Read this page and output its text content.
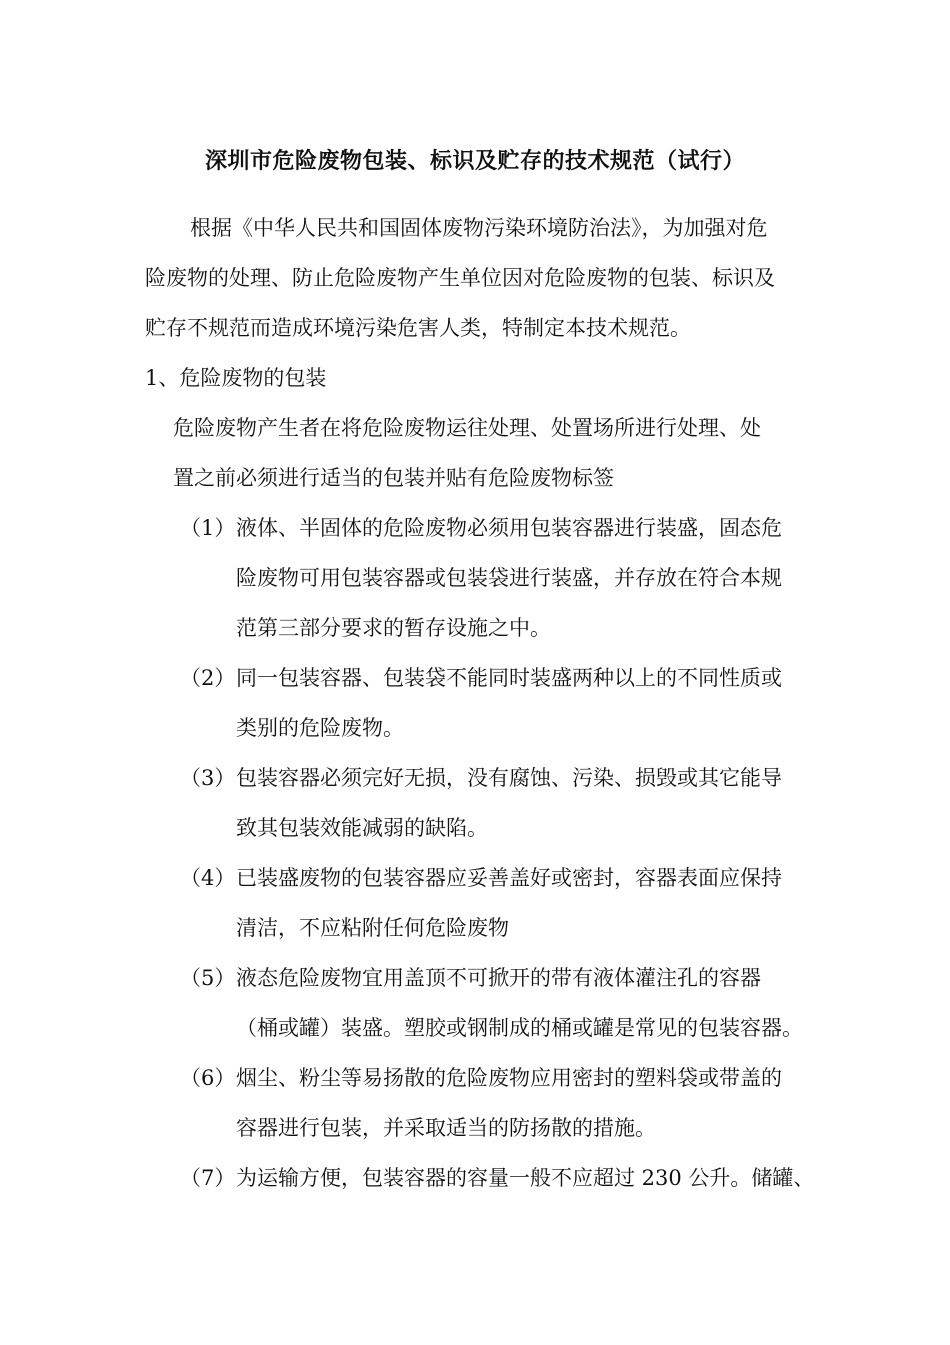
深圳市危险废物包装、标识及贮存的技术规范（试行）
根据《中华人民共和国固体废物污染环境防治法》，为加强对危
险废物的处理、防止危险废物产生单位因对危险废物的包装、标识及
贮存不规范而造成环境污染危害人类，特制定本技术规范。
1、危险废物的包装
危险废物产生者在将危险废物运往处理、处置场所进行处理、处
置之前必须进行适当的包装并贴有危险废物标签
（1） 液体、半固体的危险废物必须用包装容器进行装盛，固态危
险废物可用包装容器或包装袋进行装盛，并存放在符合本规
范第三部分要求的暂存设施之中。
（2） 同一包装容器、包装袋不能同时装盛两种以上的不同性质或
类别的危险废物。
（3） 包装容器必须完好无损，没有腐蚀、污染、损毁或其它能导
致其包装效能减弱的缺陷。
（4） 已装盛废物的包装容器应妥善盖好或密封，容器表面应保持
清洁，不应粘附任何危险废物
（5） 液态危险废物宜用盖顶不可掀开的带有液体灌注孔的容器
（桶或罐）装盛。塑胶或钢制成的桶或罐是常见的包装容器。
（6） 烟尘、粉尘等易扬散的危险废物应用密封的塑料袋或带盖的
容器进行包装，并采取适当的防扬散的措施。
（7） 为运输方便，包装容器的容量一般不应超过 230 公升。储罐、
